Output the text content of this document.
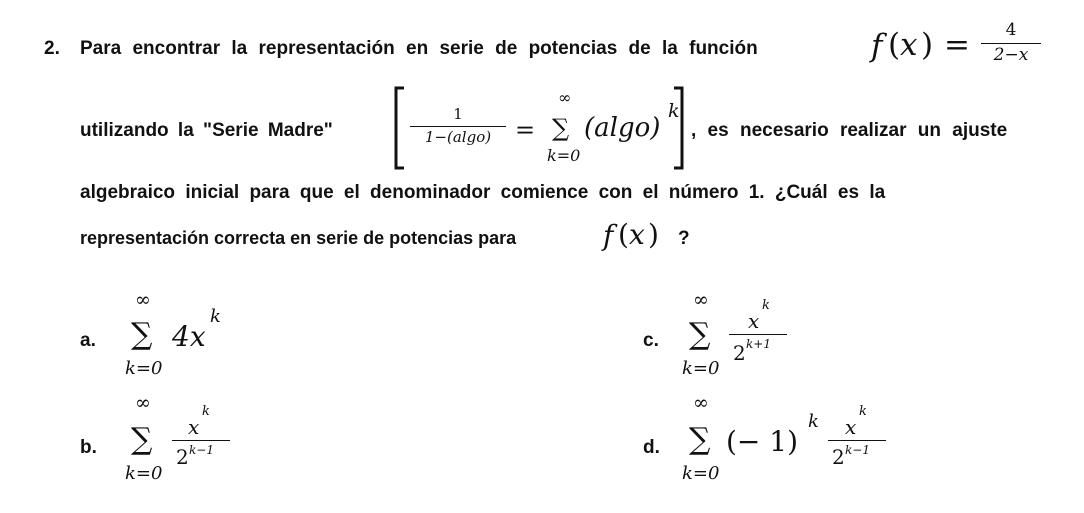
2. Para encontrar la representación en serie de potencias de la función	f ( x ) =	4
2−x
utilizando la "Serie Madre"
1
1−(algo) =
∞
∑
k=0
(algo)
k
, es necesario realizar un ajuste
algebraico inicial para que el denominador comience con el número 1. ¿Cuál es la
representación correcta en serie de potencias para	f ( x ) ?
a.
∞
∑
k=0
4x
k
b.
∞
∑
k=0
x
k
2 k−1
c.
∞
∑
k=0
x
k
2 k+1
d.
∞
∑
k=0
(− 1)
k x
k
2 k−1
